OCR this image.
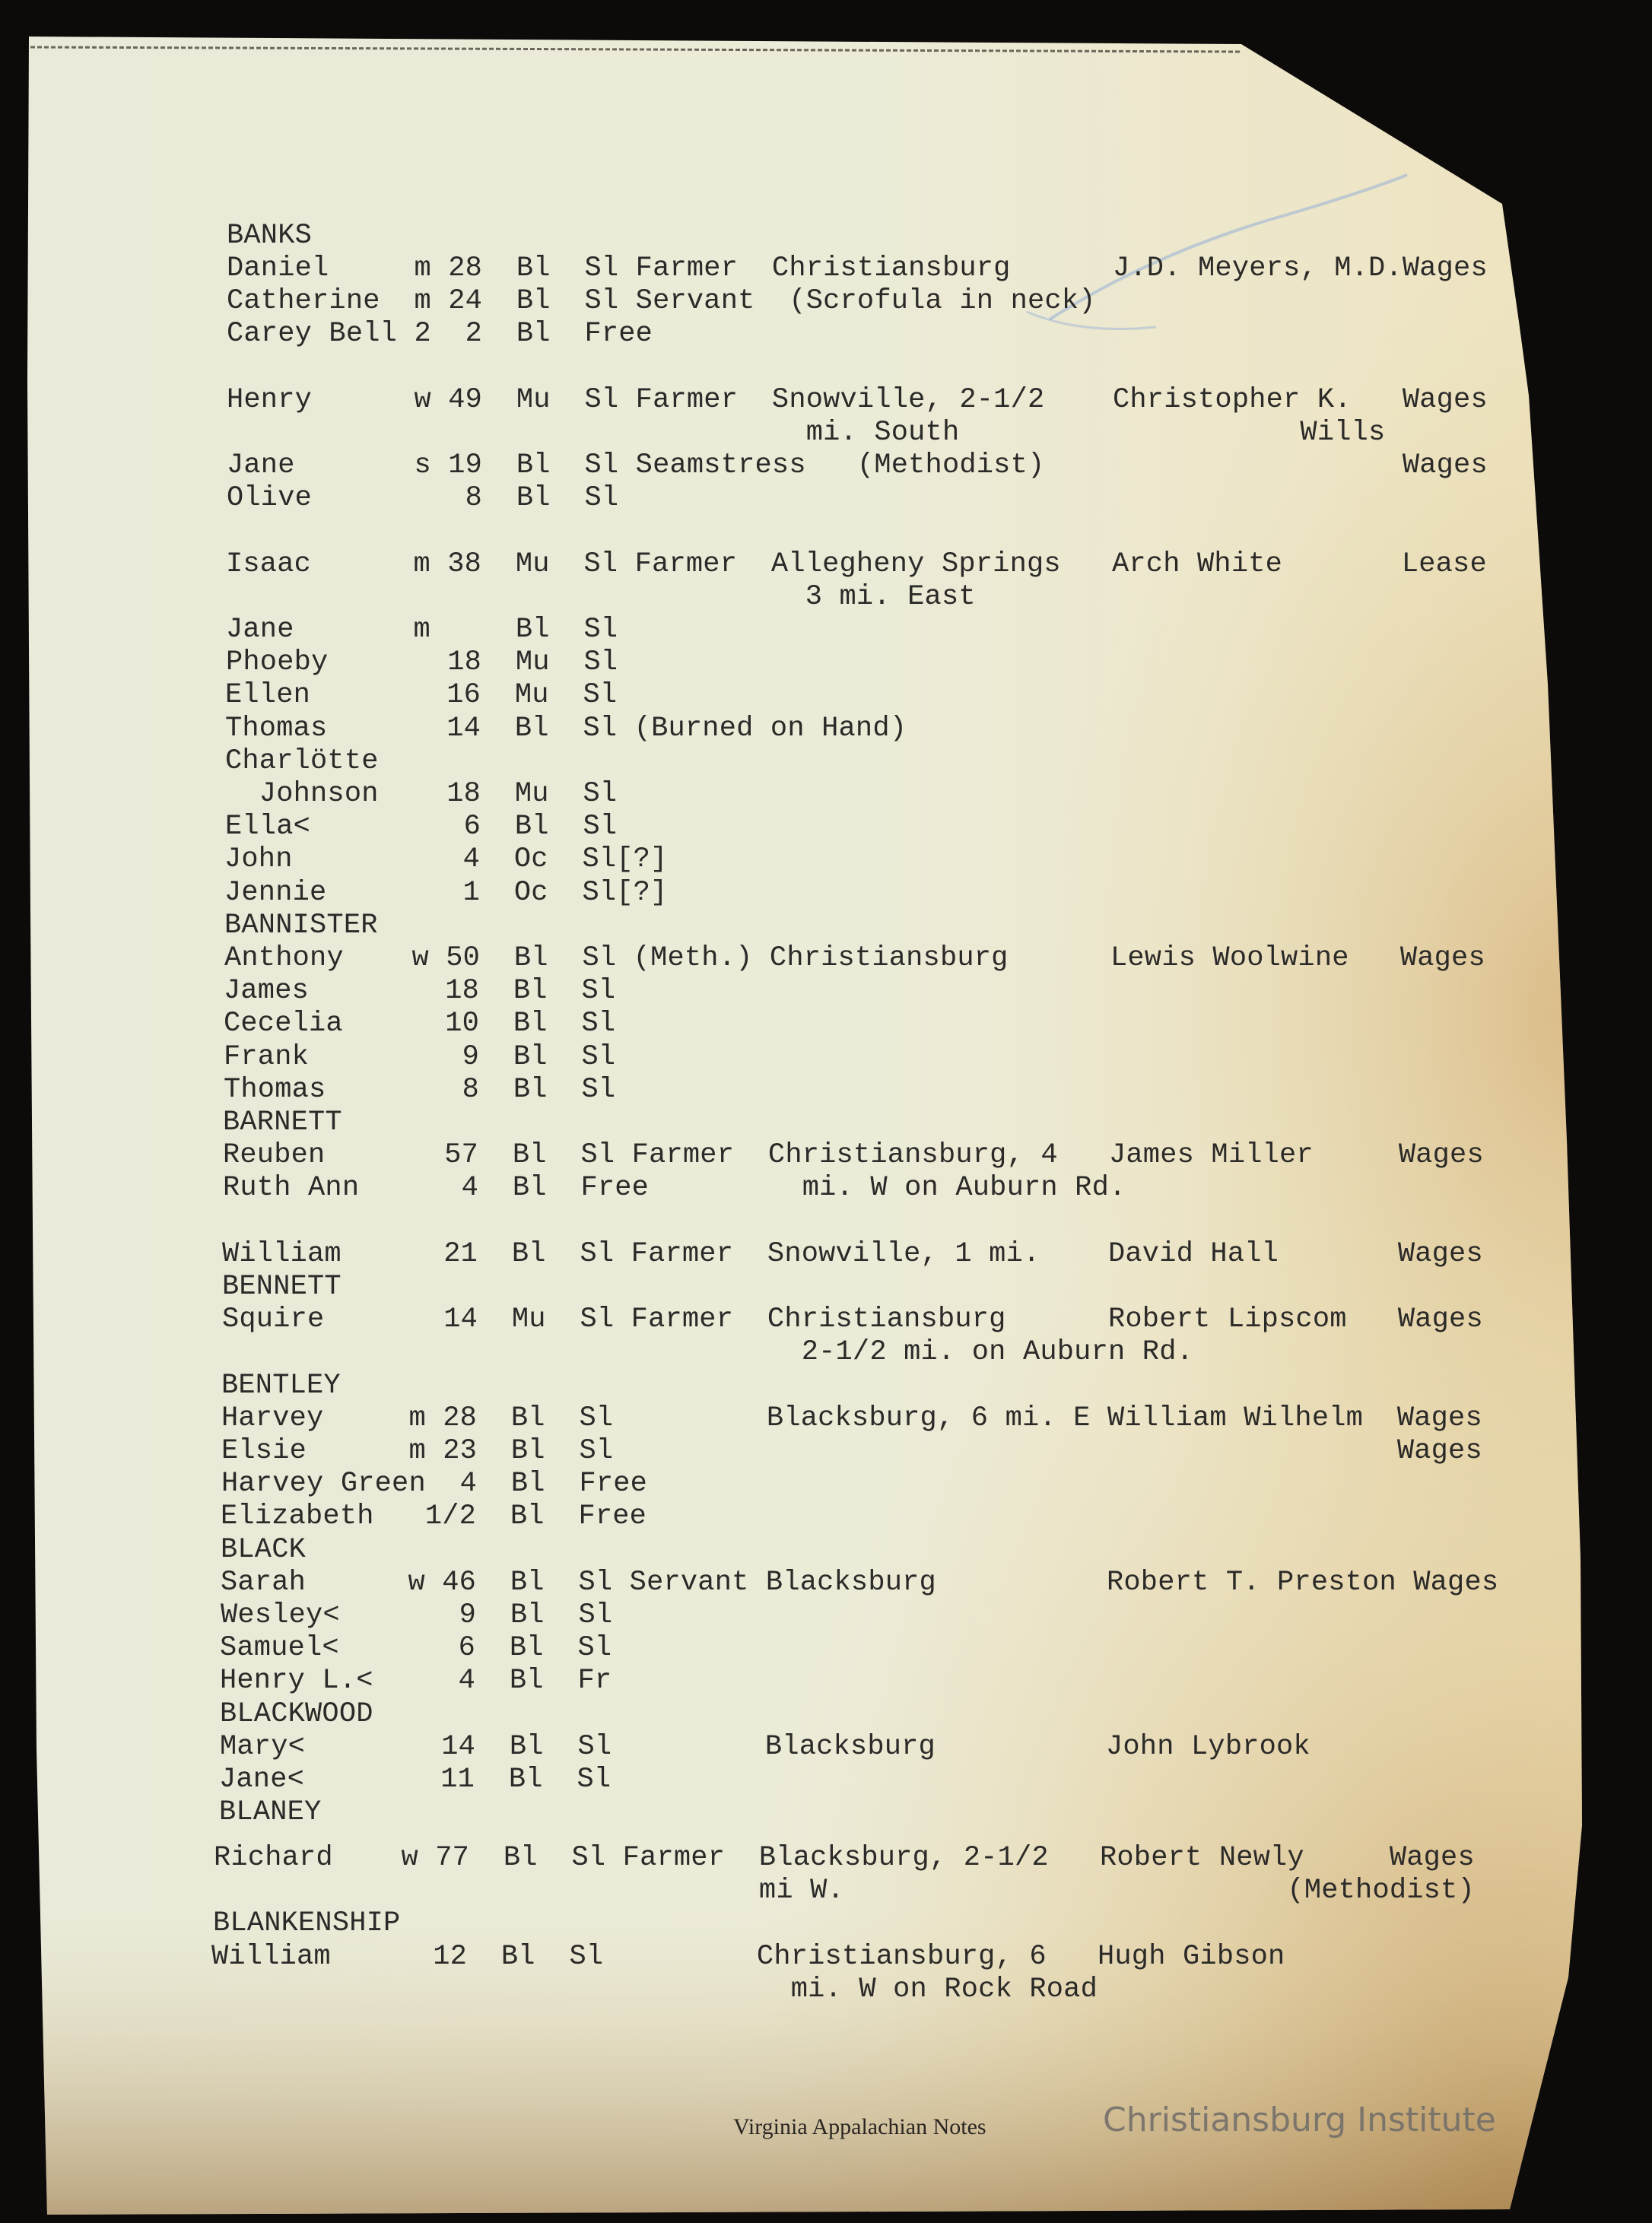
BANKS
Daniel     m 28  Bl  Sl Farmer  Christiansburg      J.D. Meyers, M.D.Wages
Catherine  m 24  Bl  Sl Servant  (Scrofula in neck)
Carey Bell 2  2  Bl  Free
Henry      w 49  Mu  Sl Farmer  Snowville, 2-1/2    Christopher K.   Wages
mi. South                    Wills
Jane       s 19  Bl  Sl Seamstress   (Methodist)                     Wages
Olive         8  Bl  Sl
Isaac      m 38  Mu  Sl Farmer  Allegheny Springs   Arch White       Lease
3 mi. East
Jane       m     Bl  Sl
Phoeby       18  Mu  Sl
Ellen        16  Mu  Sl
Thomas       14  Bl  Sl (Burned on Hand)
Charlötte
Johnson    18  Mu  Sl
Ella<         6  Bl  Sl
John          4  Oc  Sl[?]
Jennie        1  Oc  Sl[?]
BANNISTER
Anthony    w 50  Bl  Sl (Meth.) Christiansburg      Lewis Woolwine   Wages
James        18  Bl  Sl
Cecelia      10  Bl  Sl
Frank         9  Bl  Sl
Thomas        8  Bl  Sl
BARNETT
Reuben       57  Bl  Sl Farmer  Christiansburg, 4   James Miller     Wages
Ruth Ann      4  Bl  Free         mi. W on Auburn Rd.
William      21  Bl  Sl Farmer  Snowville, 1 mi.    David Hall       Wages
BENNETT
Squire       14  Mu  Sl Farmer  Christiansburg      Robert Lipscom   Wages
2-1/2 mi. on Auburn Rd.
BENTLEY
Harvey     m 28  Bl  Sl         Blacksburg, 6 mi. E William Wilhelm  Wages
Elsie      m 23  Bl  Sl                                              Wages
Harvey Green  4  Bl  Free
Elizabeth   1/2  Bl  Free
BLACK
Sarah      w 46  Bl  Sl Servant Blacksburg          Robert T. Preston Wages
Wesley<       9  Bl  Sl
Samuel<       6  Bl  Sl
Henry L.<     4  Bl  Fr
BLACKWOOD
Mary<        14  Bl  Sl         Blacksburg          John Lybrook
Jane<        11  Bl  Sl
BLANEY
Richard    w 77  Bl  Sl Farmer  Blacksburg, 2-1/2   Robert Newly     Wages
mi W.                          (Methodist)
BLANKENSHIP
William      12  Bl  Sl         Christiansburg, 6   Hugh Gibson
mi. W on Rock Road
Virginia Appalachian Notes	Christiansburg Institute
